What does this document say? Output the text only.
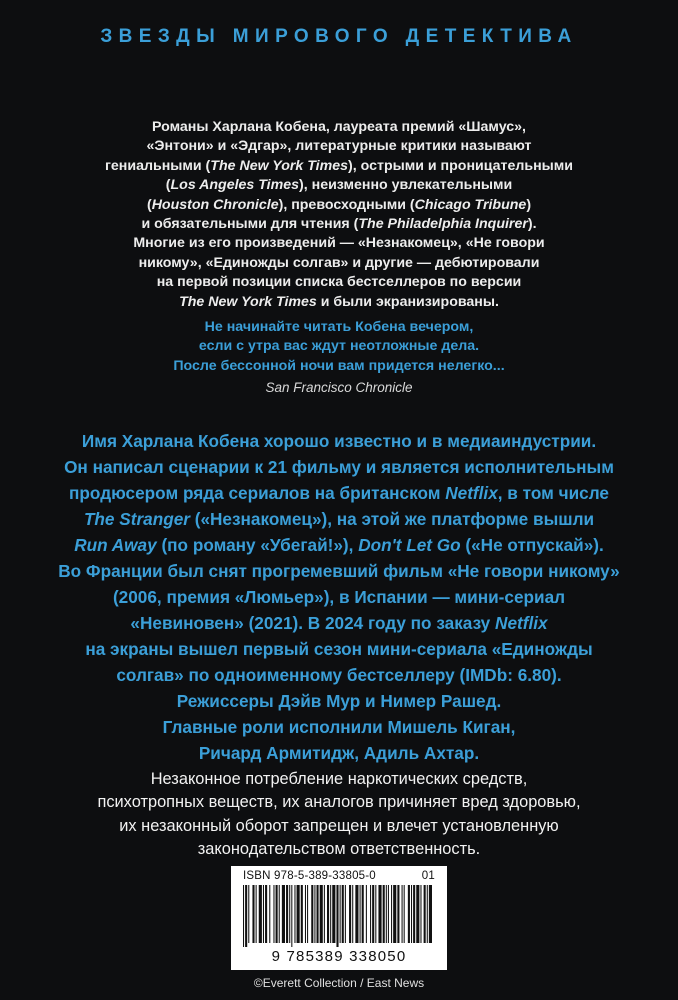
ЗВЕЗДЫ МИРОВОГО ДЕТЕКТИВА

Романы Харлана Кобена, лауреата премий «Шамус»,

«Энтони» и «Эдгар», литературные критики называют

гениальными (The New York Times), острыми и проницательными

(Los Angeles Times), неизменно увлекательными

(Houston Chronicle), превосходными (Chicago Tribune)

и обязательными для чтения (The Philadelphia Inquirer).

Многие из его произведений — «Незнакомец», «Не говори

никому», «Единожды солгав» и другие — дебютировали

на первой позиции списка бестселлеров по версии

The New York Times и были экранизированы.

Не начинайте читать Кобена вечером,

если с утра вас ждут неотложные дела.

После бессонной ночи вам придется нелегко...

San Francisco Chronicle

Имя Харлана Кобена хорошо известно и в медиаиндустрии.

Он написал сценарии к 21 фильму и является исполнительным

продюсером ряда сериалов на британском Netflix, в том числе

The Stranger («Незнакомец»), на этой же платформе вышли

Run Away (по роману «Убегай!»), Don't Let Go («Не отпускай»).

Во Франции был снят прогремевший фильм «Не говори никому»

(2006, премия «Люмьер»), в Испании — мини-сериал

«Невиновен» (2021). В 2024 году по заказу Netflix

на экраны вышел первый сезон мини-сериала «Единожды

солгав» по одноименному бестселлеру (IMDb: 6.80).

Режиссеры Дэйв Мур и Нимер Рашед.

Главные роли исполнили Мишель Киган,

Ричард Армитидж, Адиль Ахтар.

Незаконное потребление наркотических средств,

психотропных веществ, их аналогов причиняет вред здоровью,

их незаконный оборот запрещен и влечет установленную

законодательством ответственность.

ISBN 978-5-389-33805-0	01
9 785389 338050
©Everett Collection / East News
